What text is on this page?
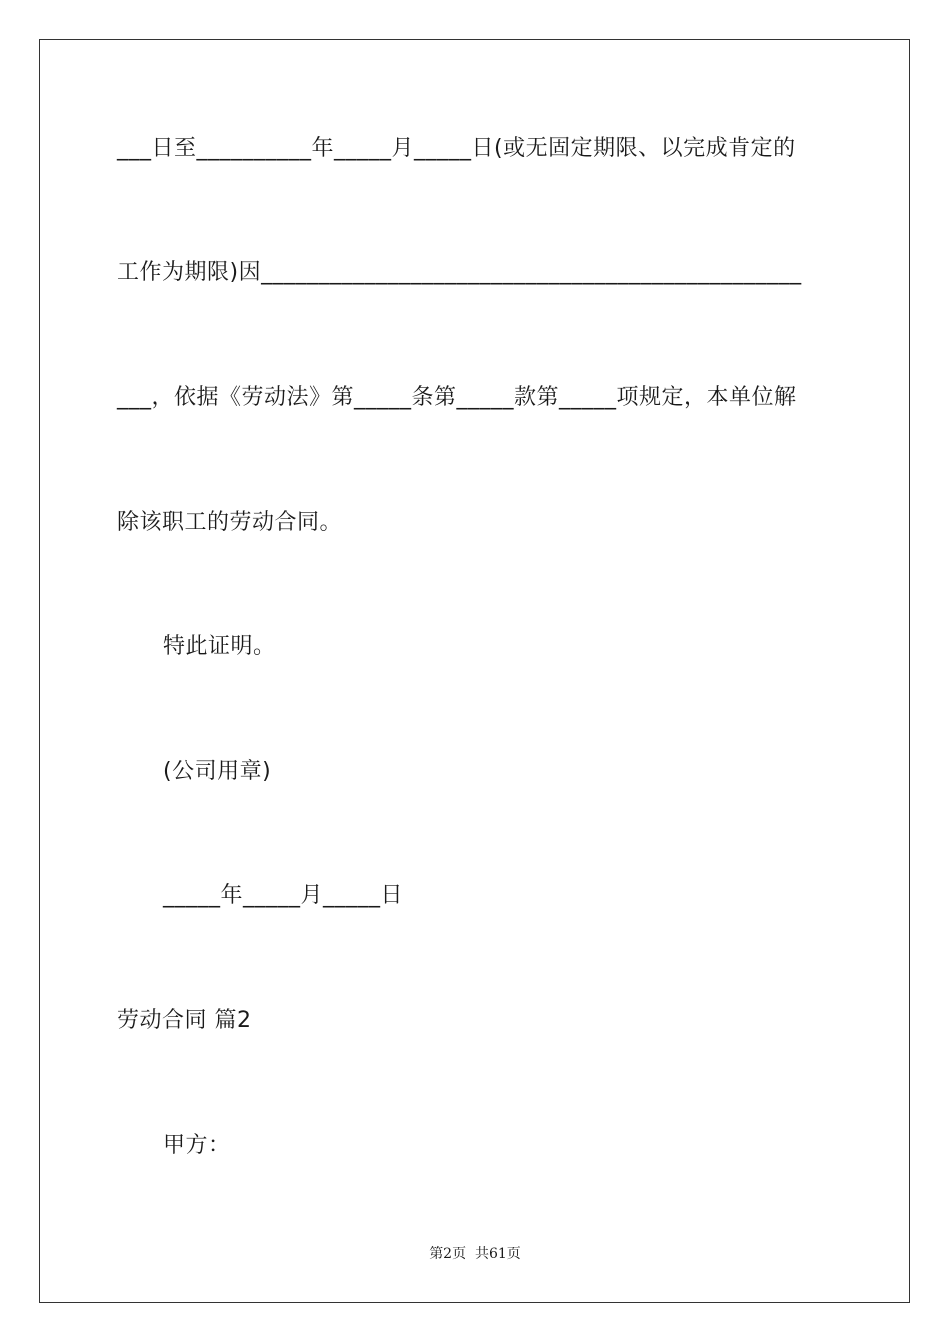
___日至__________年_____月_____日(或无固定期限、以完成肯定的
工作为期限)因_______________________________________________
___，依据《劳动法》第_____条第_____款第_____项规定，本单位解
除该职工的劳动合同。
特此证明。
(公司用章)
_____年_____月_____日
劳动合同 篇2
甲方：
第2页  共61页
